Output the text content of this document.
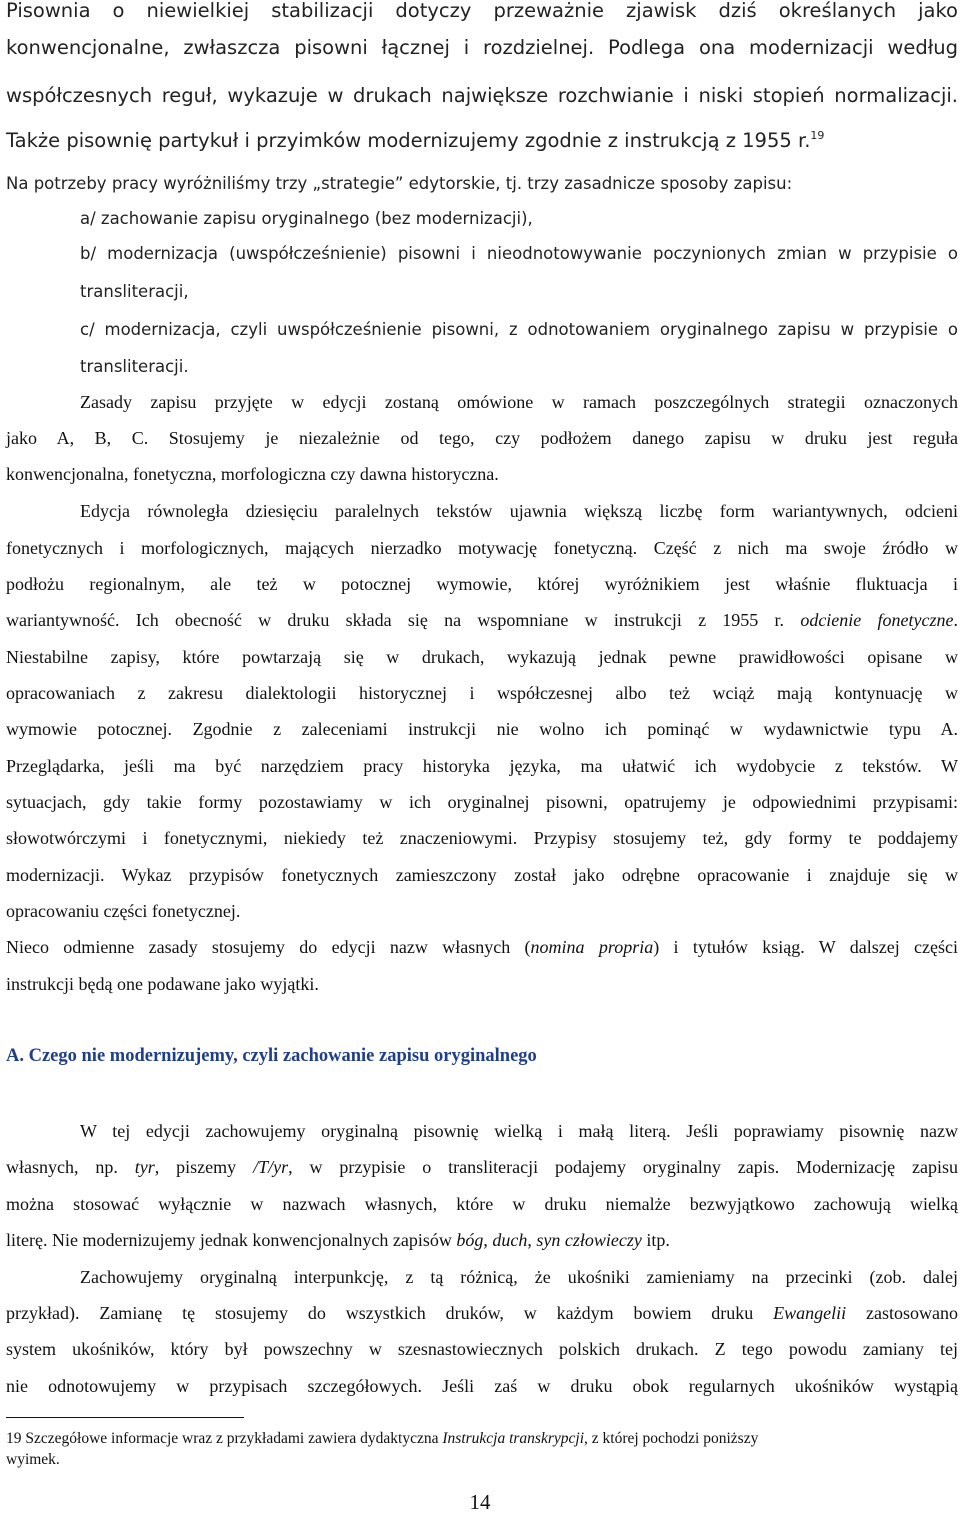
Pisownia o niewielkiej stabilizacji dotyczy przeważnie zjawisk dziś określanych jako
konwencjonalne, zwłaszcza pisowni łącznej i rozdzielnej. Podlega ona modernizacji według
współczesnych reguł, wykazuje w drukach największe rozchwianie i niski stopień normalizacji.
Także pisownię partykuł i przyimków modernizujemy zgodnie z instrukcją z 1955 r.$^{19}$
Na potrzeby pracy wyróżniliśmy trzy „strategie” edytorskie, tj. trzy zasadnicze sposoby zapisu:
a/ zachowanie zapisu oryginalnego (bez modernizacji),
b/ modernizacja (uwspółcześnienie) pisowni i nieodnotowywanie poczynionych zmian w przypisie o
transliteracji,
c/ modernizacja, czyli uwspółcześnienie pisowni, z odnotowaniem oryginalnego zapisu w przypisie o
transliteracji.
Zasady zapisu przyjęte w edycji zostaną omówione w ramach poszczególnych strategii oznaczonych
jako A, B, C. Stosujemy je niezależnie od tego, czy podłożem danego zapisu w druku jest reguła
konwencjonalna, fonetyczna, morfologiczna czy dawna historyczna.
Edycja równoległa dziesięciu paralelnych tekstów ujawnia większą liczbę form wariantywnych, odcieni
fonetycznych i morfologicznych, mających nierzadko motywację fonetyczną. Część z nich ma swoje źródło w
podłożu regionalnym, ale też w potocznej wymowie, której wyróżnikiem jest właśnie fluktuacja i
wariantywność. Ich obecność w druku składa się na wspomniane w instrukcji z 1955 r. odcienie fonetyczne.
Niestabilne zapisy, które powtarzają się w drukach, wykazują jednak pewne prawidłowości opisane w
opracowaniach z zakresu dialektologii historycznej i współczesnej albo też wciąż mają kontynuację w
wymowie potocznej. Zgodnie z zaleceniami instrukcji nie wolno ich pominąć w wydawnictwie typu A.
Przeglądarka, jeśli ma być narzędziem pracy historyka języka, ma ułatwić ich wydobycie z tekstów. W
sytuacjach, gdy takie formy pozostawiamy w ich oryginalnej pisowni, opatrujemy je odpowiednimi przypisami:
słowotwórczymi i fonetycznymi, niekiedy też znaczeniowymi. Przypisy stosujemy też, gdy formy te poddajemy
modernizacji. Wykaz przypisów fonetycznych zamieszczony został jako odrębne opracowanie i znajduje się w
opracowaniu części fonetycznej.
Nieco odmienne zasady stosujemy do edycji nazw własnych (nomina propria) i tytułów ksiąg. W dalszej części
instrukcji będą one podawane jako wyjątki.
A. Czego nie modernizujemy, czyli zachowanie zapisu oryginalnego
W tej edycji zachowujemy oryginalną pisownię wielką i małą literą. Jeśli poprawiamy pisownię nazw
własnych, np. tyr, piszemy /T/yr, w przypisie o transliteracji podajemy oryginalny zapis. Modernizację zapisu
można stosować wyłącznie w nazwach własnych, które w druku niemalże bezwyjątkowo zachowują wielką
literę. Nie modernizujemy jednak konwencjonalnych zapisów bóg, duch, syn człowieczy itp.
Zachowujemy oryginalną interpunkcję, z tą różnicą, że ukośniki zamieniamy na przecinki (zob. dalej
przykład). Zamianę tę stosujemy do wszystkich druków, w każdym bowiem druku Ewangelii zastosowano
system ukośników, który był powszechny w szesnastowiecznych polskich drukach. Z tego powodu zamiany tej
nie odnotowujemy w przypisach szczegółowych. Jeśli zaś w druku obok regularnych ukośników wystąpią
19 Szczegółowe informacje wraz z przykładami zawiera dydaktyczna Instrukcja transkrypcji, z której pochodzi poniższy
wyimek.
14
